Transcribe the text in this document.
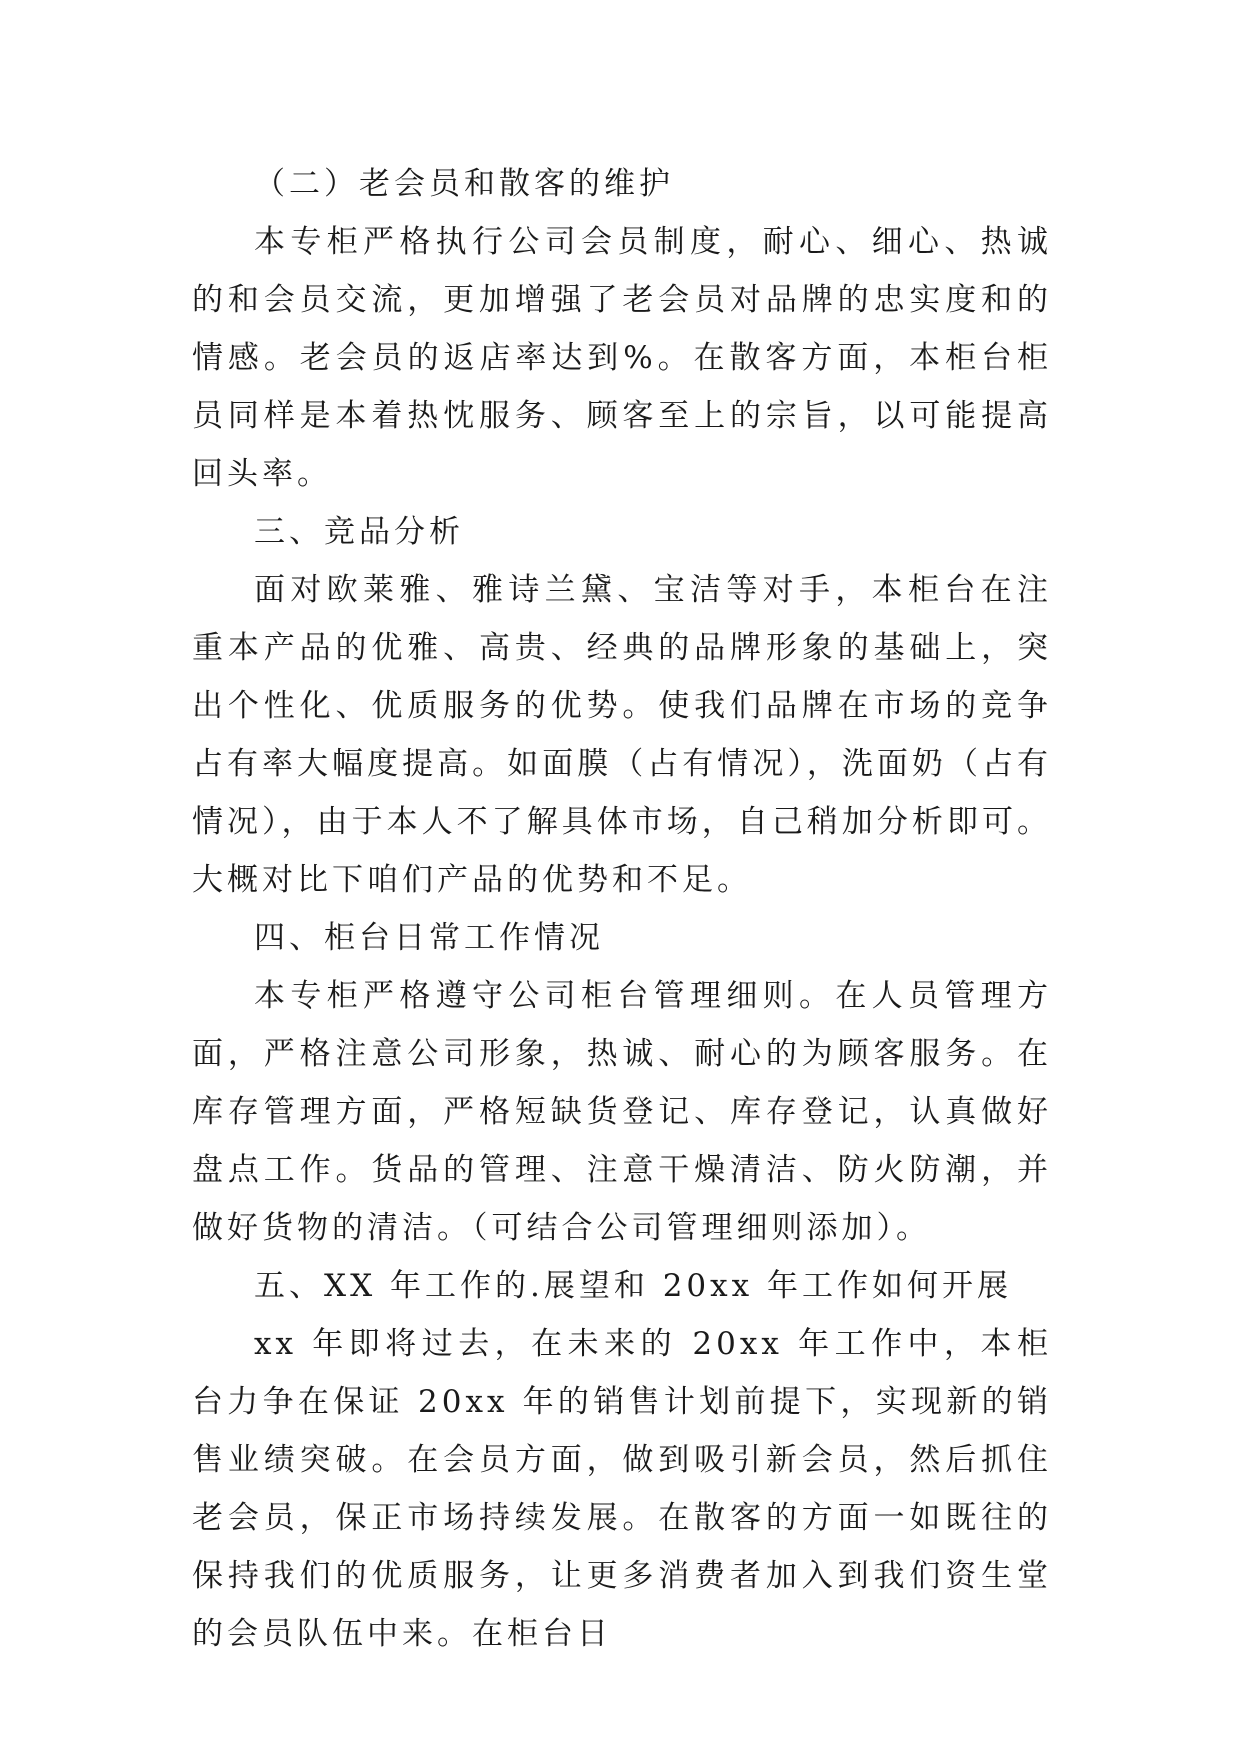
（二）老会员和散客的维护

本专柜严格执行公司会员制度，耐心、细心、热诚的和会员交流，更加增强了老会员对品牌的忠实度和的情感。老会员的返店率达到%。在散客方面，本柜台柜员同样是本着热忱服务、顾客至上的宗旨，以可能提高回头率。

三、竞品分析

面对欧莱雅、雅诗兰黛、宝洁等对手，本柜台在注重本产品的优雅、高贵、经典的品牌形象的基础上，突出个性化、优质服务的优势。使我们品牌在市场的竞争占有率大幅度提高。如面膜（占有情况），洗面奶（占有情况），由于本人不了解具体市场，自己稍加分析即可。大概对比下咱们产品的优势和不足。

四、柜台日常工作情况

本专柜严格遵守公司柜台管理细则。在人员管理方面，严格注意公司形象，热诚、耐心的为顾客服务。在库存管理方面，严格短缺货登记、库存登记，认真做好盘点工作。货品的管理、注意干燥清洁、防火防潮，并做好货物的清洁。（可结合公司管理细则添加）。

五、XX 年工作的.展望和 20xx 年工作如何开展

xx 年即将过去，在未来的 20xx 年工作中，本柜台力争在保证 20xx 年的销售计划前提下，实现新的销售业绩突破。在会员方面，做到吸引新会员，然后抓住老会员，保正市场持续发展。在散客的方面一如既往的保持我们的优质服务，让更多消费者加入到我们资生堂的会员队伍中来。在柜台日
